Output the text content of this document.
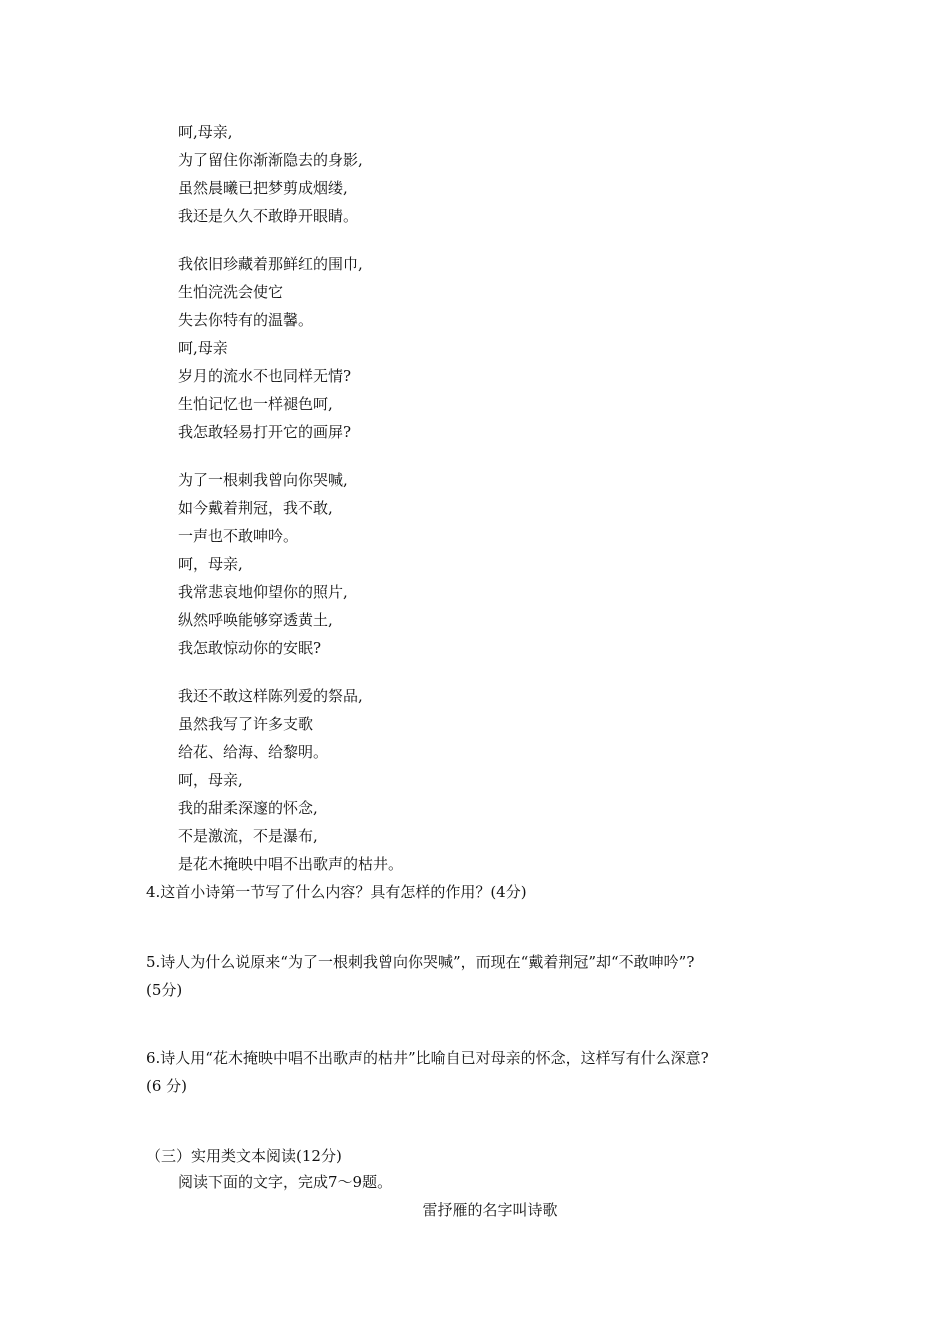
呵,母亲,
为了留住你渐渐隐去的身影,
虽然晨曦已把梦剪成烟缕,
我还是久久不敢睁开眼睛。
我依旧珍藏着那鲜红的围巾,
生怕浣洗会使它
失去你特有的温馨。
呵,母亲
岁月的流水不也同样无情?
生怕记忆也一样褪色呵,
我怎敢轻易打开它的画屏?
为了一根刺我曾向你哭喊,
如今戴着荆冠，我不敢,
一声也不敢呻吟。
呵，母亲,
我常悲哀地仰望你的照片,
纵然呼唤能够穿透黄土,
我怎敢惊动你的安眠?
我还不敢这样陈列爱的祭品,
虽然我写了许多支歌
给花、给海、给黎明。
呵，母亲,
我的甜柔深邃的怀念,
不是激流，不是瀑布,
是花木掩映中唱不出歌声的枯井。
4.这首小诗第一节写了什么内容？具有怎样的作用？(4分)
5.诗人为什么说原来“为了一根刺我曾向你哭喊”，而现在“戴着荆冠”却“不敢呻吟”?
(5分)
6.诗人用“花木掩映中唱不出歌声的枯井”比喻自已对母亲的怀念，这样写有什么深意?
(6 分)
（三）实用类文本阅读(12分)
阅读下面的文字，完成7～9题。
雷抒雁的名字叫诗歌
